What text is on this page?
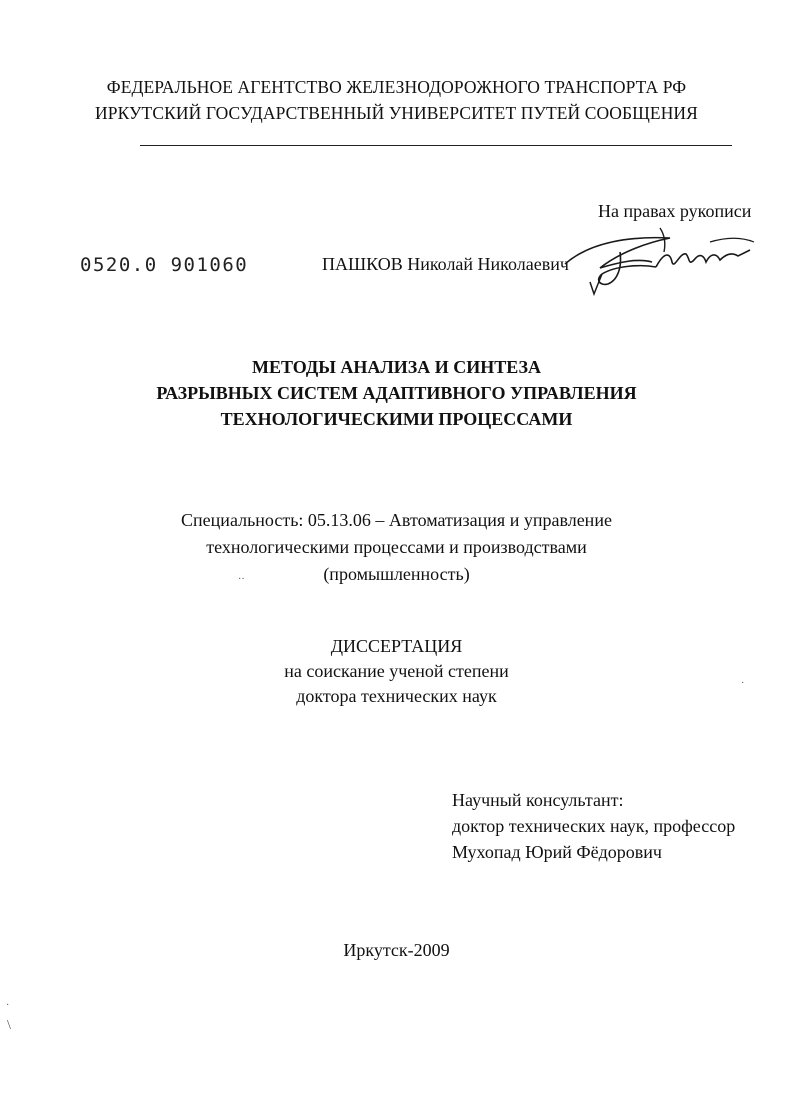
ФЕДЕРАЛЬНОЕ АГЕНТСТВО ЖЕЛЕЗНОДОРОЖНОГО ТРАНСПОРТА РФ
ИРКУТСКИЙ ГОСУДАРСТВЕННЫЙ УНИВЕРСИТЕТ ПУТЕЙ СООБЩЕНИЯ
На правах рукописи
0520.0 901060	ПАШКОВ Николай Николаевич
МЕТОДЫ АНАЛИЗА И СИНТЕЗА
РАЗРЫВНЫХ СИСТЕМ АДАПТИВНОГО УПРАВЛЕНИЯ
ТЕХНОЛОГИЧЕСКИМИ ПРОЦЕССАМИ
Специальность: 05.13.06 – Автоматизация и управление
технологическими процессами и производствами
(промышленность)
ДИССЕРТАЦИЯ
на соискание ученой степени
доктора технических наук
Научный консультант:
доктор технических наук, профессор
Мухопад Юрий Фёдорович
Иркутск-2009
·
··
·
\
